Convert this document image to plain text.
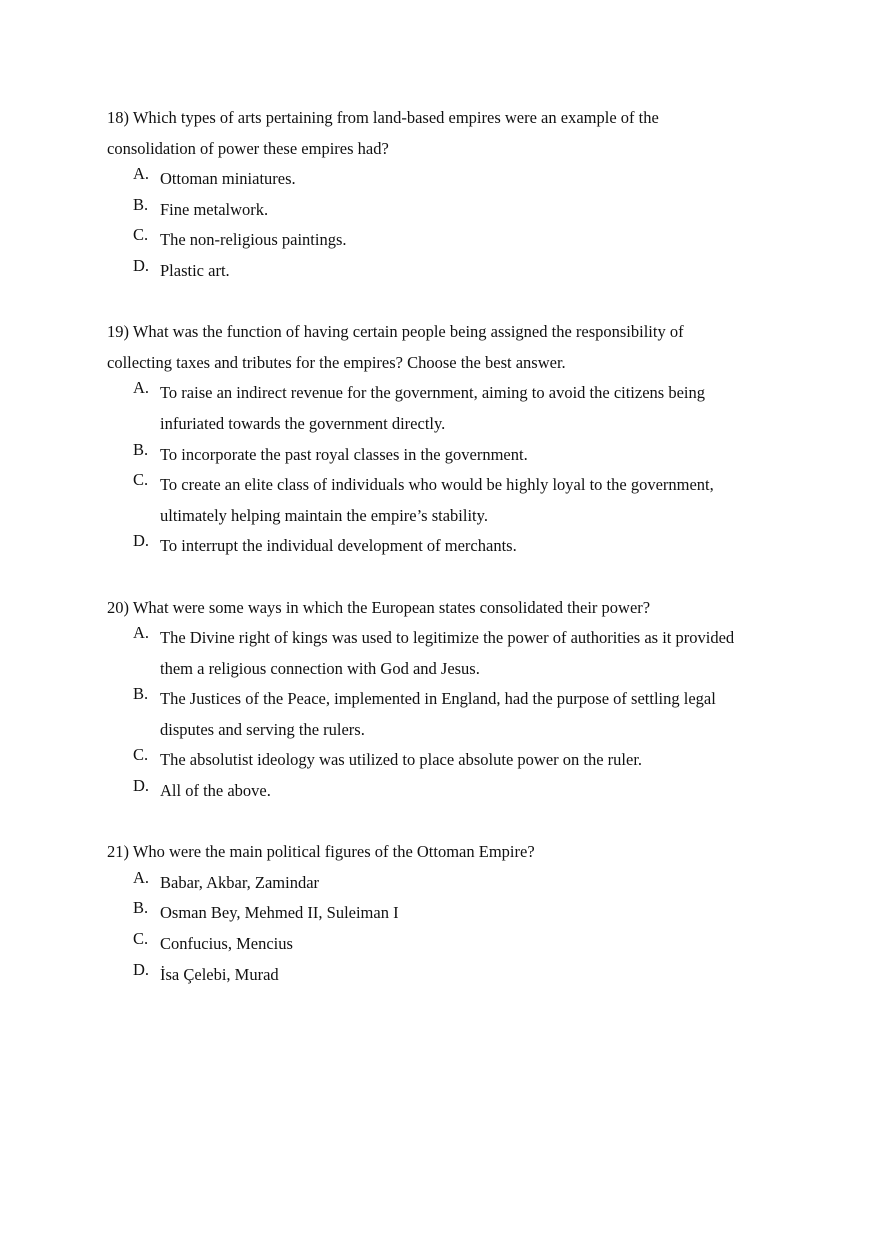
18) Which types of arts pertaining from land-based empires were an example of the
consolidation of power these empires had?
A. Ottoman miniatures.
B. Fine metalwork.
C. The non-religious paintings.
D. Plastic art.
19) What was the function of having certain people being assigned the responsibility of
collecting taxes and tributes for the empires? Choose the best answer.
A. To raise an indirect revenue for the government, aiming to avoid the citizens being
infuriated towards the government directly.
B. To incorporate the past royal classes in the government.
C. To create an elite class of individuals who would be highly loyal to the government,
ultimately helping maintain the empire’s stability.
D. To interrupt the individual development of merchants.
20) What were some ways in which the European states consolidated their power?
A. The Divine right of kings was used to legitimize the power of authorities as it provided
them a religious connection with God and Jesus.
B. The Justices of the Peace, implemented in England, had the purpose of settling legal
disputes and serving the rulers.
C. The absolutist ideology was utilized to place absolute power on the ruler.
D. All of the above.
21) Who were the main political figures of the Ottoman Empire?
A. Babar, Akbar, Zamindar
B. Osman Bey, Mehmed II, Suleiman I
C. Confucius, Mencius
D. İsa Çelebi, Murad
